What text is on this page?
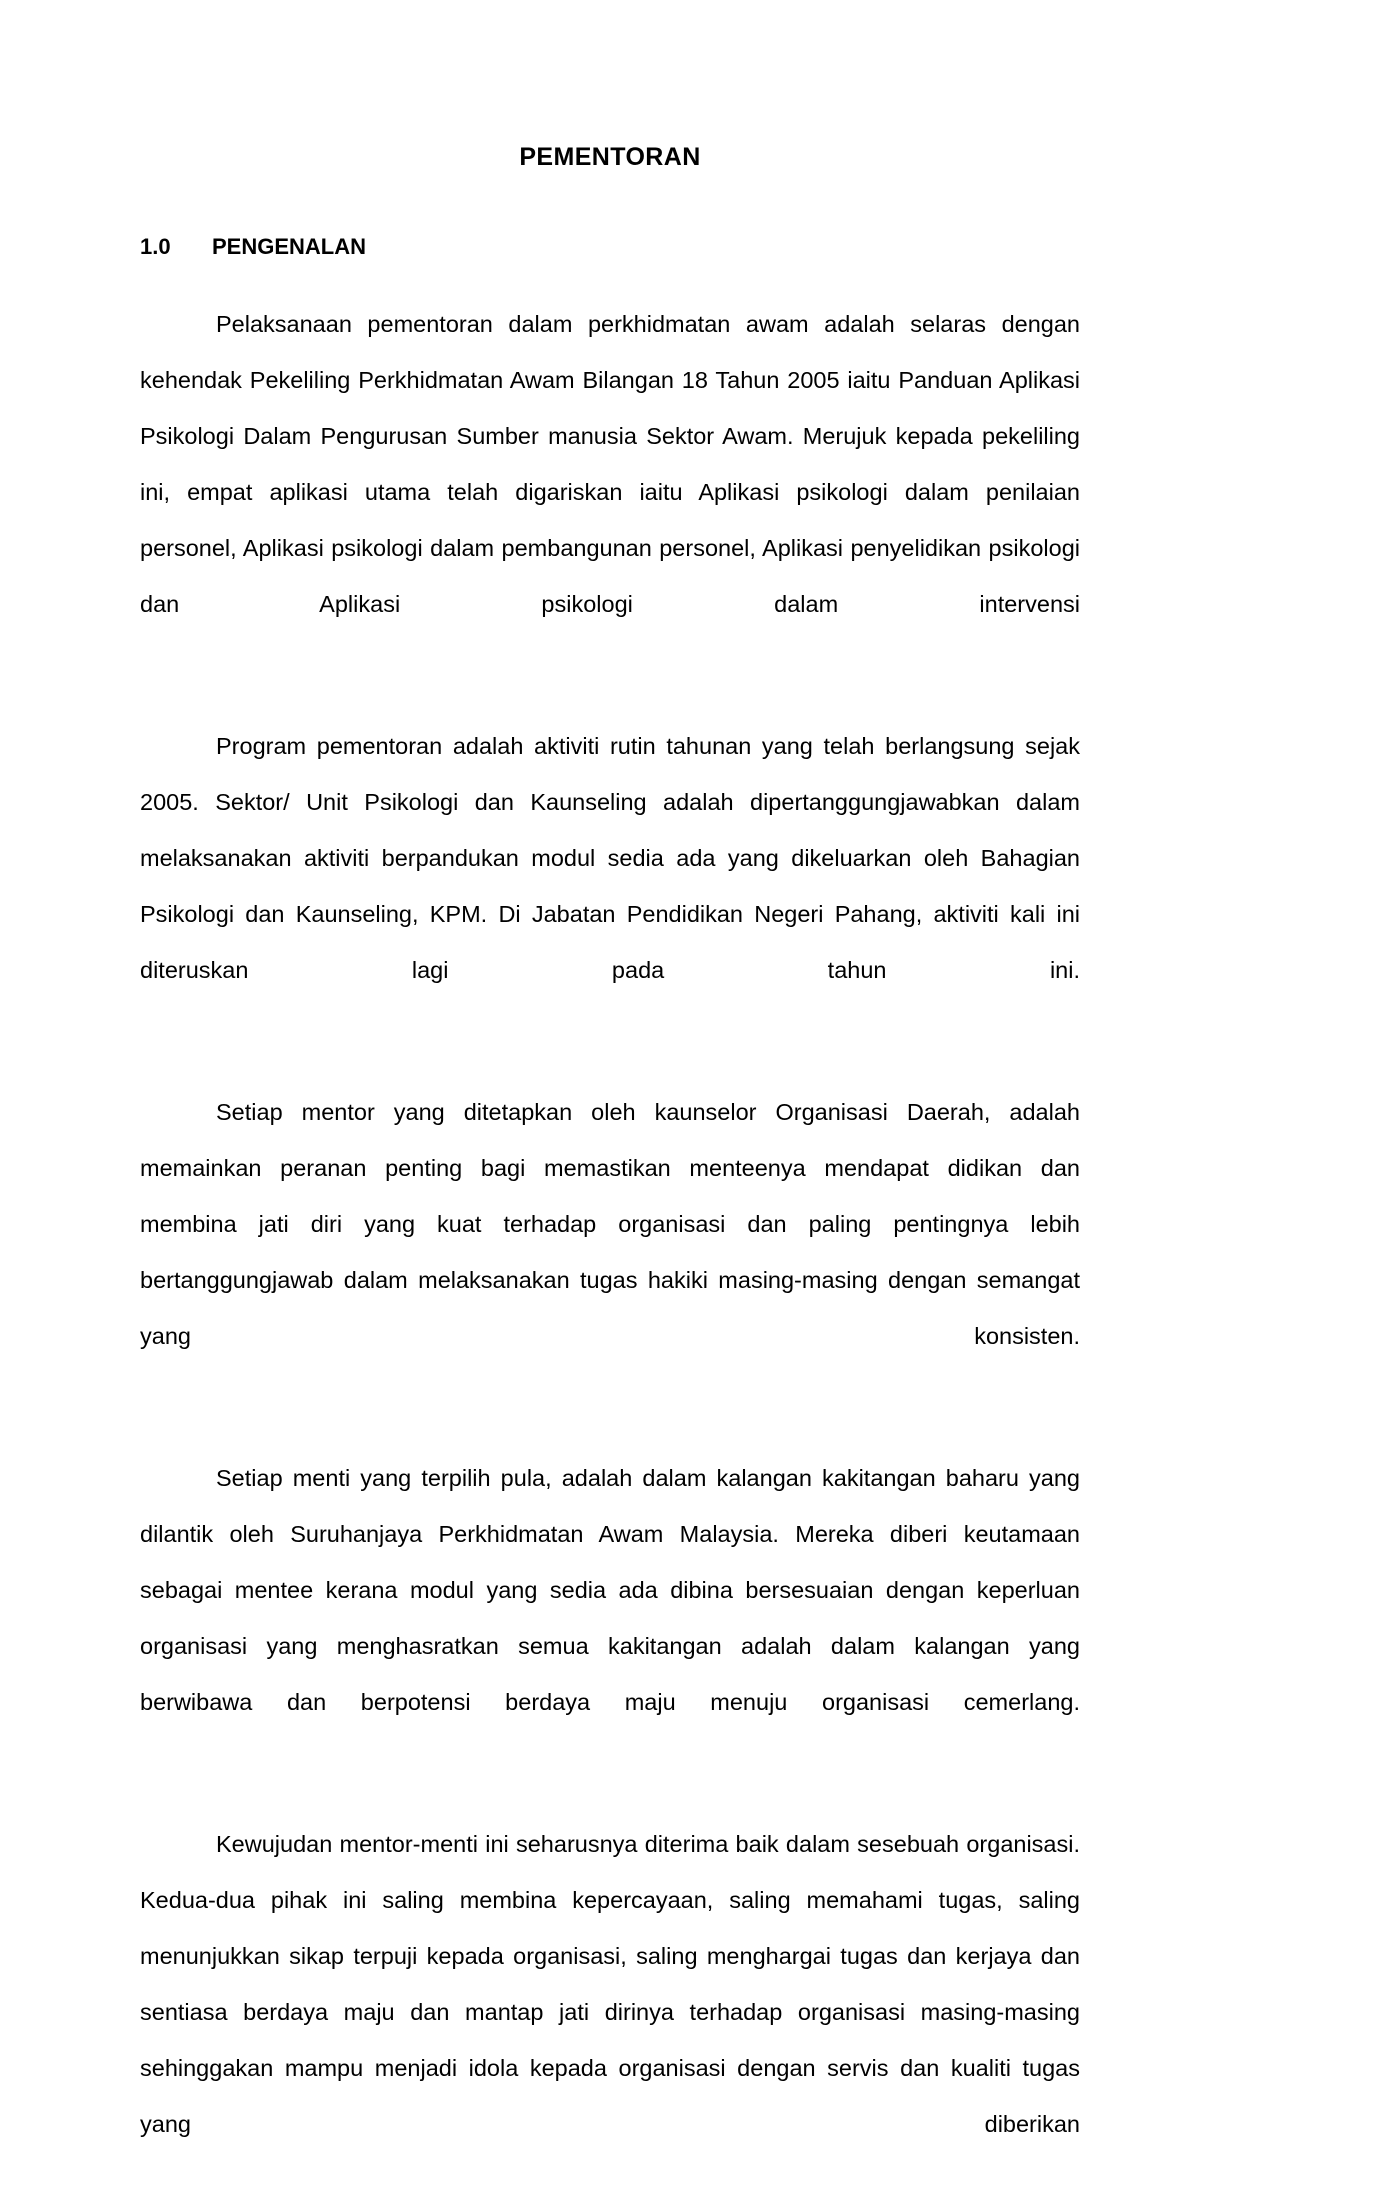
PEMENTORAN
1.0 PENGENALAN

Pelaksanaan pementoran dalam perkhidmatan awam adalah selaras dengan kehendak Pekeliling Perkhidmatan Awam Bilangan 18 Tahun 2005 iaitu Panduan Aplikasi Psikologi Dalam Pengurusan Sumber manusia Sektor Awam. Merujuk kepada pekeliling ini, empat aplikasi utama telah digariskan iaitu Aplikasi psikologi dalam penilaian personel, Aplikasi psikologi dalam pembangunan personel, Aplikasi penyelidikan psikologi dan Aplikasi psikologi dalam intervensi

Program pementoran adalah aktiviti rutin tahunan yang telah berlangsung sejak 2005. Sektor/ Unit Psikologi dan Kaunseling adalah dipertanggungjawabkan dalam melaksanakan aktiviti berpandukan modul sedia ada yang dikeluarkan oleh Bahagian Psikologi dan Kaunseling, KPM. Di Jabatan Pendidikan Negeri Pahang, aktiviti kali ini diteruskan lagi pada tahun ini.

Setiap mentor yang ditetapkan oleh kaunselor Organisasi Daerah, adalah memainkan peranan penting bagi memastikan menteenya mendapat didikan dan membina jati diri yang kuat terhadap organisasi dan paling pentingnya lebih bertanggungjawab dalam melaksanakan tugas hakiki masing-masing dengan semangat yang konsisten.

Setiap menti yang terpilih pula, adalah dalam kalangan kakitangan baharu yang dilantik oleh Suruhanjaya Perkhidmatan Awam Malaysia. Mereka diberi keutamaan sebagai mentee kerana modul yang sedia ada dibina bersesuaian dengan keperluan organisasi yang menghasratkan semua kakitangan adalah dalam kalangan yang berwibawa dan berpotensi berdaya maju menuju organisasi cemerlang.

Kewujudan mentor-menti ini seharusnya diterima baik dalam sesebuah organisasi. Kedua-dua pihak ini saling membina kepercayaan, saling memahami tugas, saling menunjukkan sikap terpuji kepada organisasi, saling menghargai tugas dan kerjaya dan sentiasa berdaya maju dan mantap jati dirinya terhadap organisasi masing-masing sehinggakan mampu menjadi idola kepada organisasi dengan servis dan kualiti tugas yang diberikan
